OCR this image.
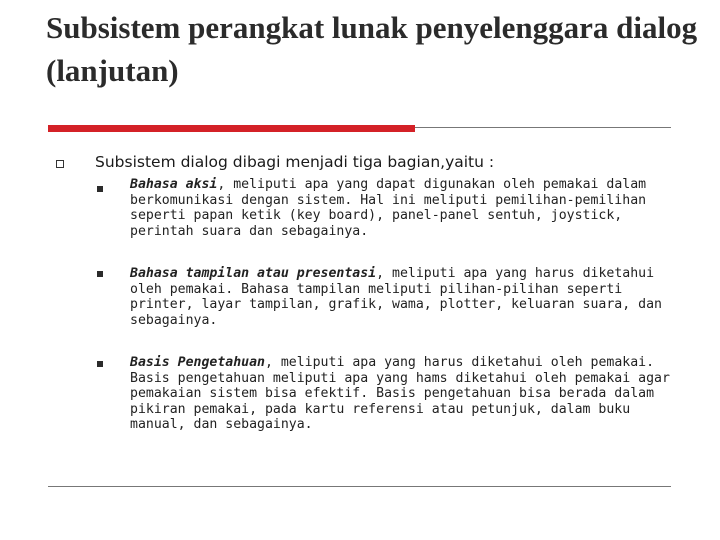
Subsistem perangkat lunak penyelenggara dialog (lanjutan)
Subsistem dialog dibagi menjadi tiga bagian,yaitu :

Bahasa aksi, meliputi apa yang dapat digunakan oleh pemakai dalam berkomunikasi dengan sistem. Hal ini meliputi pemilihan-pemilihan seperti papan ketik (key board), panel-panel sentuh, joystick, perintah suara dan sebagainya.

Bahasa tampilan atau presentasi, meliputi apa yang harus diketahui oleh pemakai. Bahasa tampilan meliputi pilihan-pilihan seperti printer, layar tampilan, grafik, wama, plotter, keluaran suara, dan sebagainya.

Basis Pengetahuan, meliputi apa yang harus diketahui oleh pemakai. Basis pengetahuan meliputi apa yang hams diketahui oleh pemakai agar pemakaian sistem bisa efektif. Basis pengetahuan bisa berada dalam pikiran pemakai, pada kartu referensi atau petunjuk, dalam buku manual, dan sebagainya.
